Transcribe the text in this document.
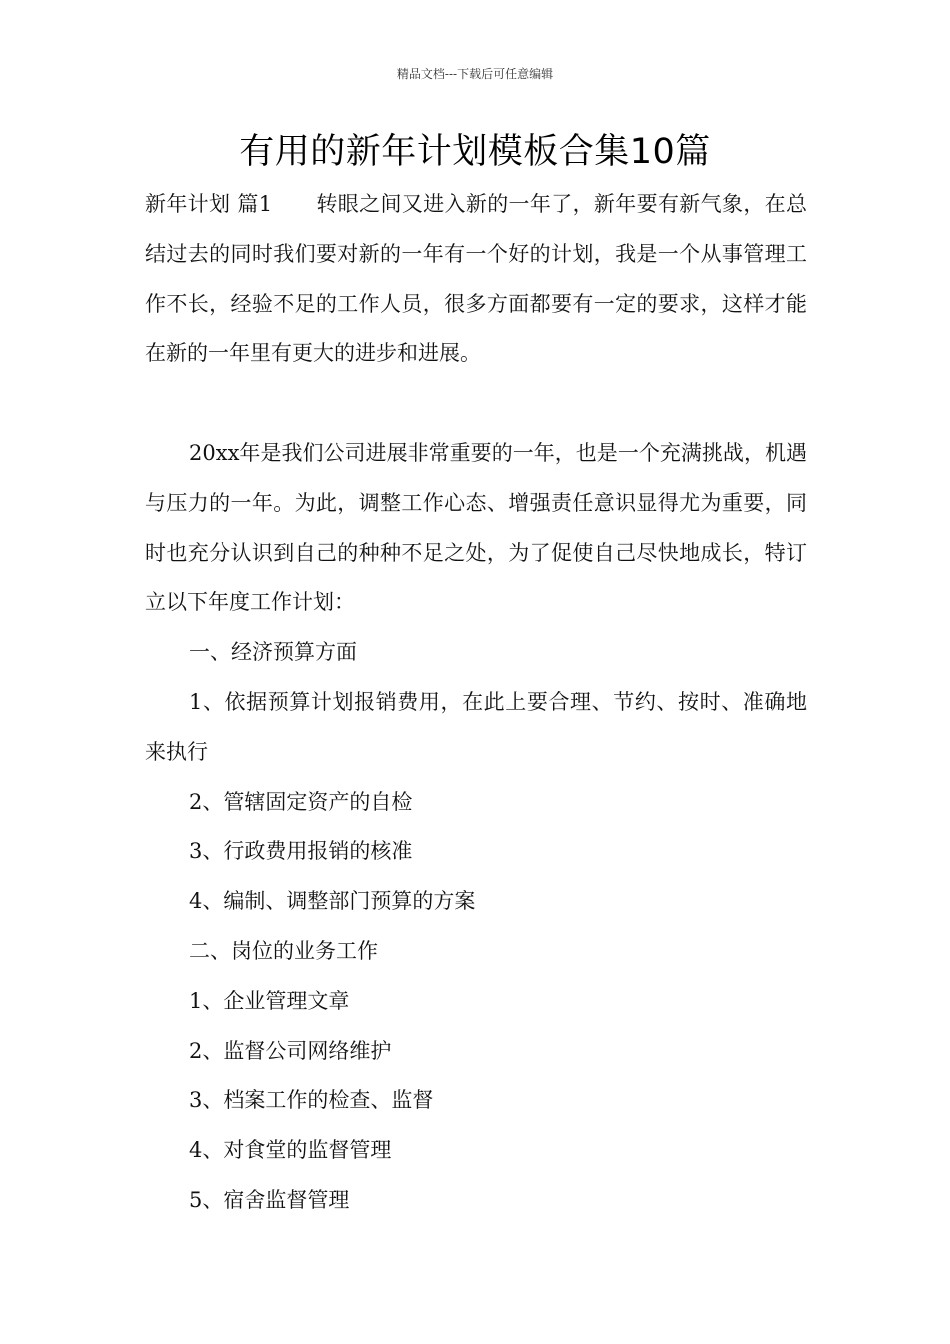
精品文档---下载后可任意编辑
有用的新年计划模板合集10篇

新年计划 篇1 转眼之间又进入新的一年了，新年要有新气象，在总结过去的同时我们要对新的一年有一个好的计划，我是一个从事管理工作不长，经验不足的工作人员，很多方面都要有一定的要求，这样才能在新的一年里有更大的进步和进展。

20xx年是我们公司进展非常重要的一年，也是一个充满挑战，机遇与压力的一年。为此，调整工作心态、增强责任意识显得尤为重要，同时也充分认识到自己的种种不足之处，为了促使自己尽快地成长，特订立以下年度工作计划：

一、经济预算方面

1、依据预算计划报销费用，在此上要合理、节约、按时、准确地来执行

2、管辖固定资产的自检

3、行政费用报销的核准

4、编制、调整部门预算的方案

二、岗位的业务工作

1、企业管理文章

2、监督公司网络维护

3、档案工作的检查、监督

4、对食堂的监督管理

5、宿舍监督管理
